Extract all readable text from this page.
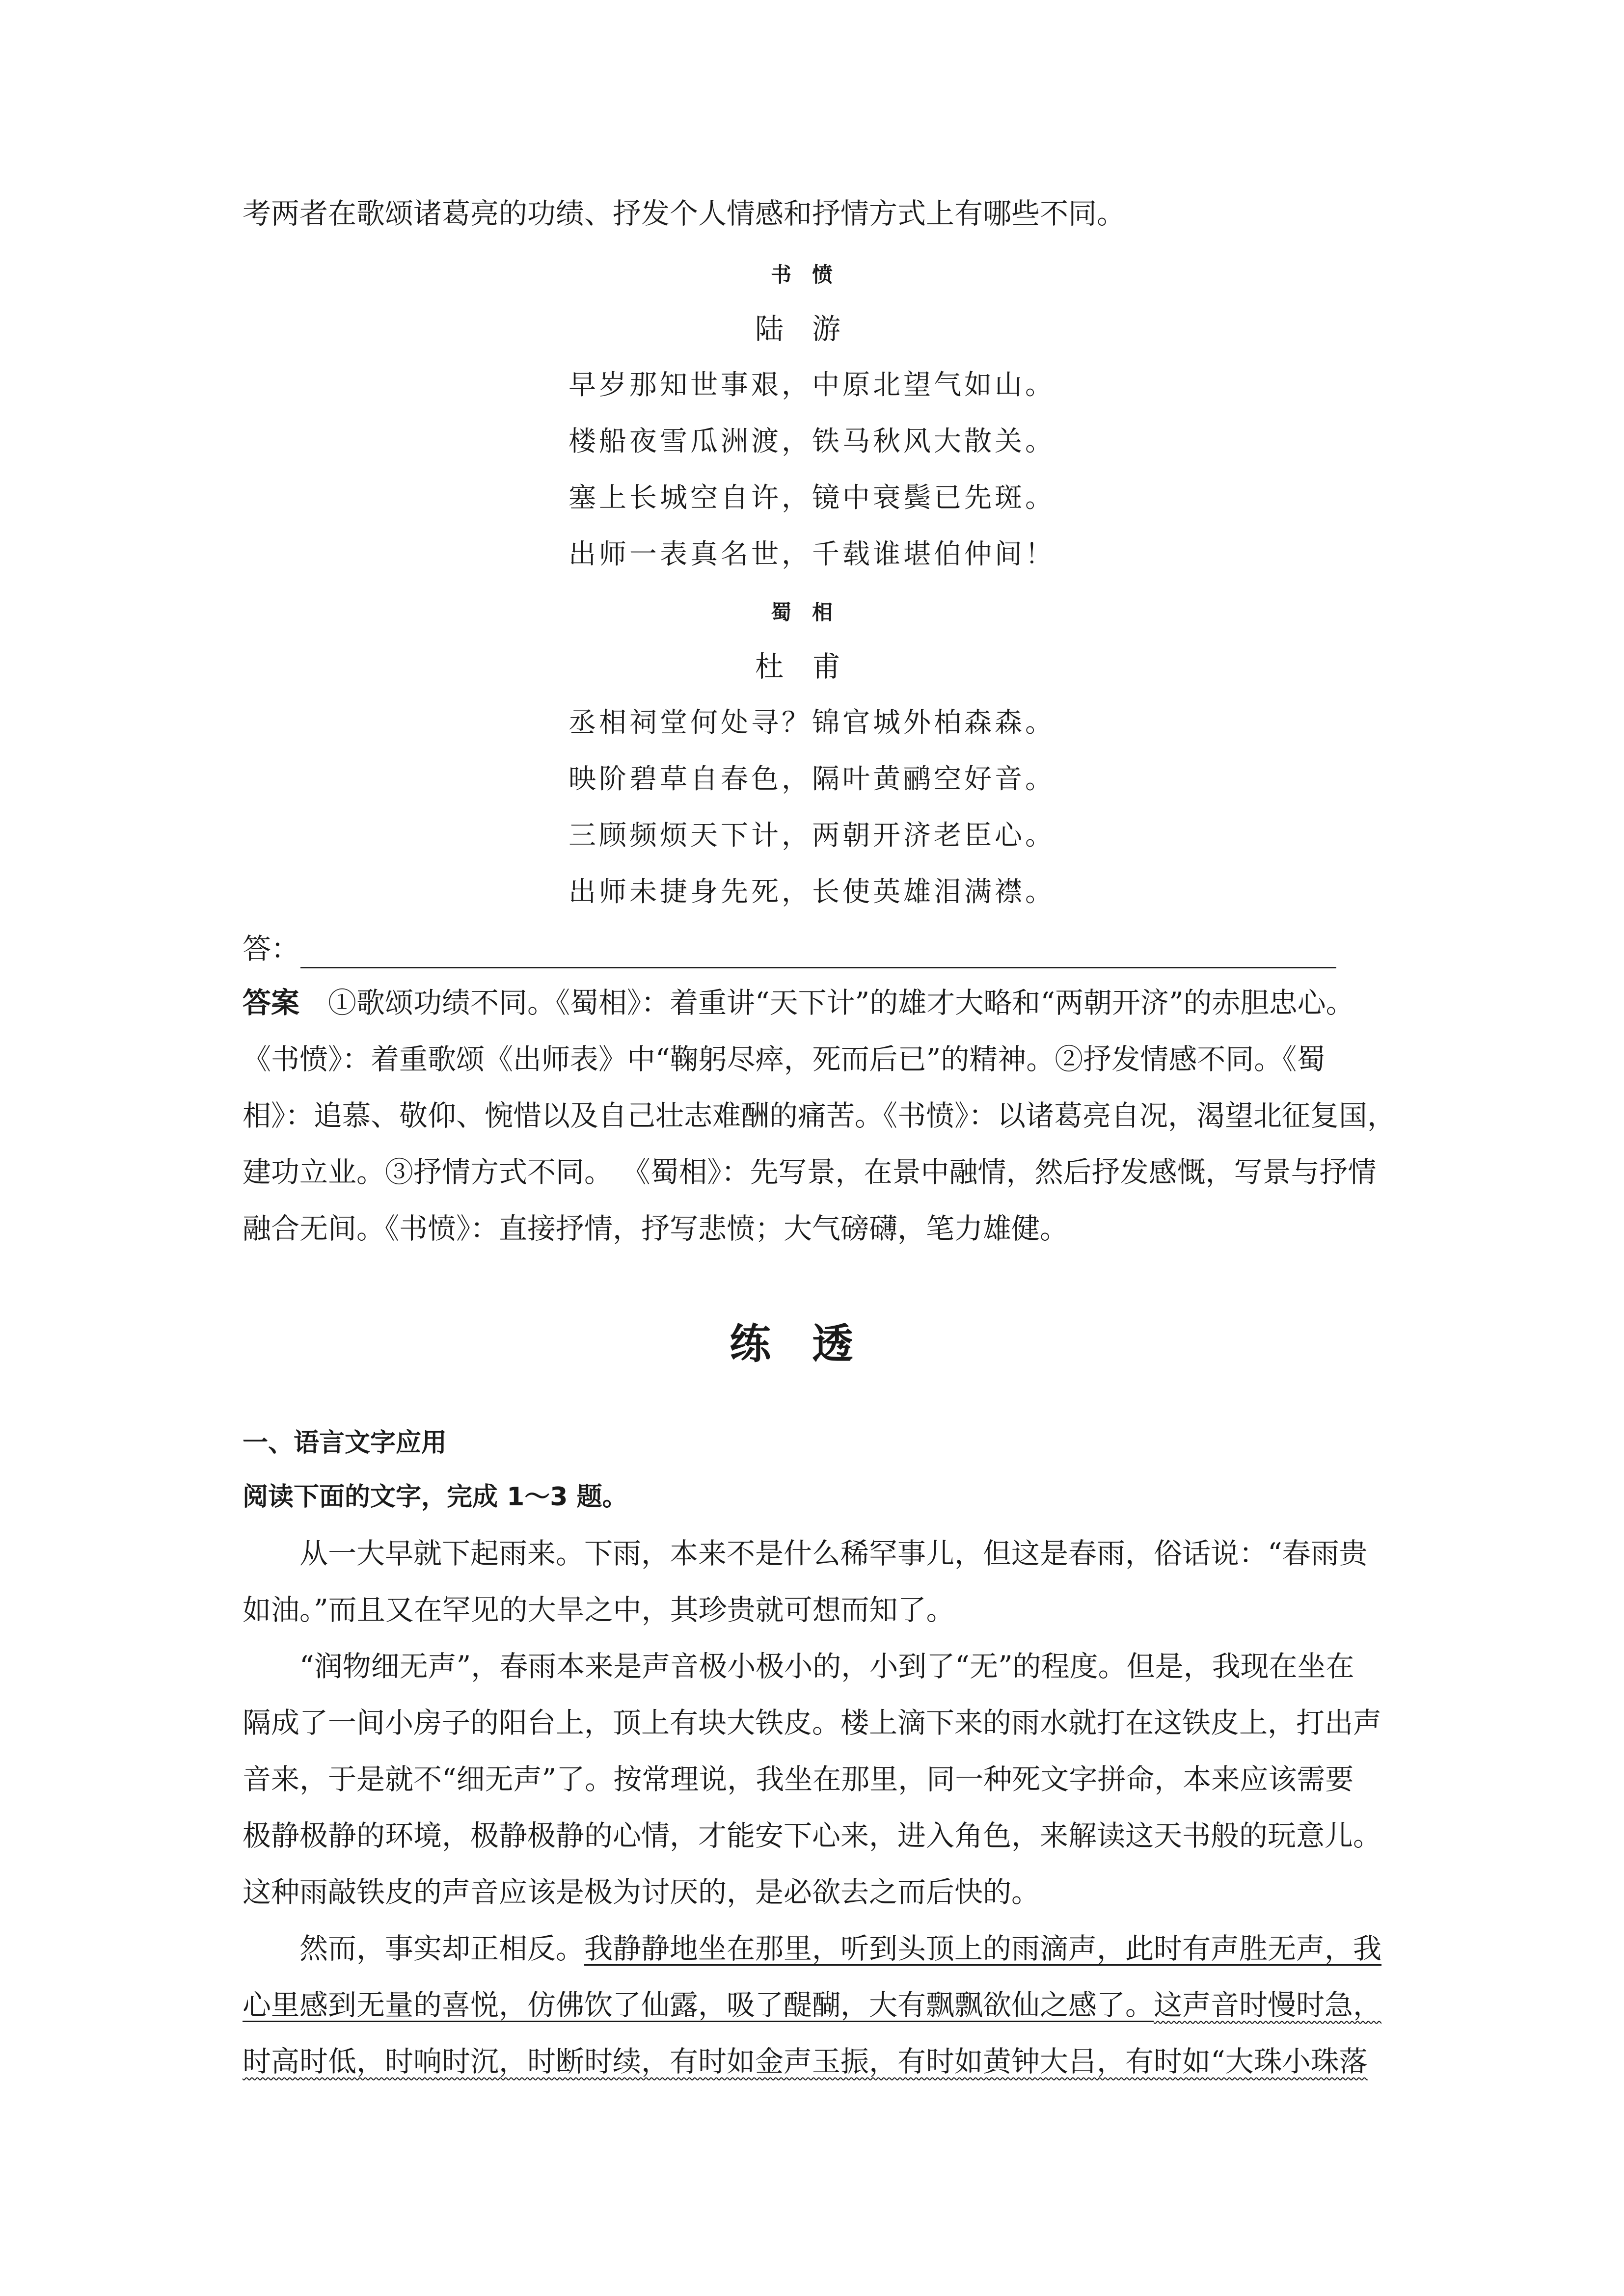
考两者在歌颂诸葛亮的功绩、抒发个人情感和抒情方式上有哪些不同。
书愤
陆游
早岁那知世事艰，中原北望气如山。
楼船夜雪瓜洲渡，铁马秋风大散关。
塞上长城空自许，镜中衰鬓已先斑。
出师一表真名世，千载谁堪伯仲间！
蜀相
杜甫
丞相祠堂何处寻？锦官城外柏森森。
映阶碧草自春色，隔叶黄鹂空好音。
三顾频烦天下计，两朝开济老臣心。
出师未捷身先死，长使英雄泪满襟。
答：
答案　 ①歌颂功绩不同。《蜀相》：着重讲“天下计”的雄才大略和“两朝开济”的赤胆忠心。
《书愤》：着重歌颂《出师表》中“鞠躬尽瘁，死而后已”的精神。②抒发情感不同。《蜀
相》：追慕、敬仰、惋惜以及自己壮志难酬的痛苦。《书愤》：以诸葛亮自况，渴望北征复国，
建功立业。③抒情方式不同。 《蜀相》：先写景，在景中融情，然后抒发感慨，写景与抒情
融合无间。《书愤》：直接抒情，抒写悲愤；大气磅礴，笔力雄健。
练透
一、语言文字应用
阅读下面的文字，完成 1～3 题。
　　从一大早就下起雨来。下雨，本来不是什么稀罕事儿，但这是春雨，俗话说：“春雨贵
如油。”而且又在罕见的大旱之中，其珍贵就可想而知了。
　　“润物细无声”，春雨本来是声音极小极小的，小到了“无”的程度。但是，我现在坐在
隔成了一间小房子的阳台上，顶上有块大铁皮。楼上滴下来的雨水就打在这铁皮上，打出声
音来，于是就不“细无声”了。按常理说，我坐在那里，同一种死文字拼命，本来应该需要
极静极静的环境，极静极静的心情，才能安下心来，进入角色，来解读这天书般的玩意儿。
这种雨敲铁皮的声音应该是极为讨厌的，是必欲去之而后快的。
　　然而，事实却正相反。我静静地坐在那里，听到头顶上的雨滴声，此时有声胜无声，我
心里感到无量的喜悦，仿佛饮了仙露，吸了醍醐，大有飘飘欲仙之感了。这声音时慢时急，
时高时低，时响时沉，时断时续，有时如金声玉振，有时如黄钟大吕，有时如“大珠小珠落
